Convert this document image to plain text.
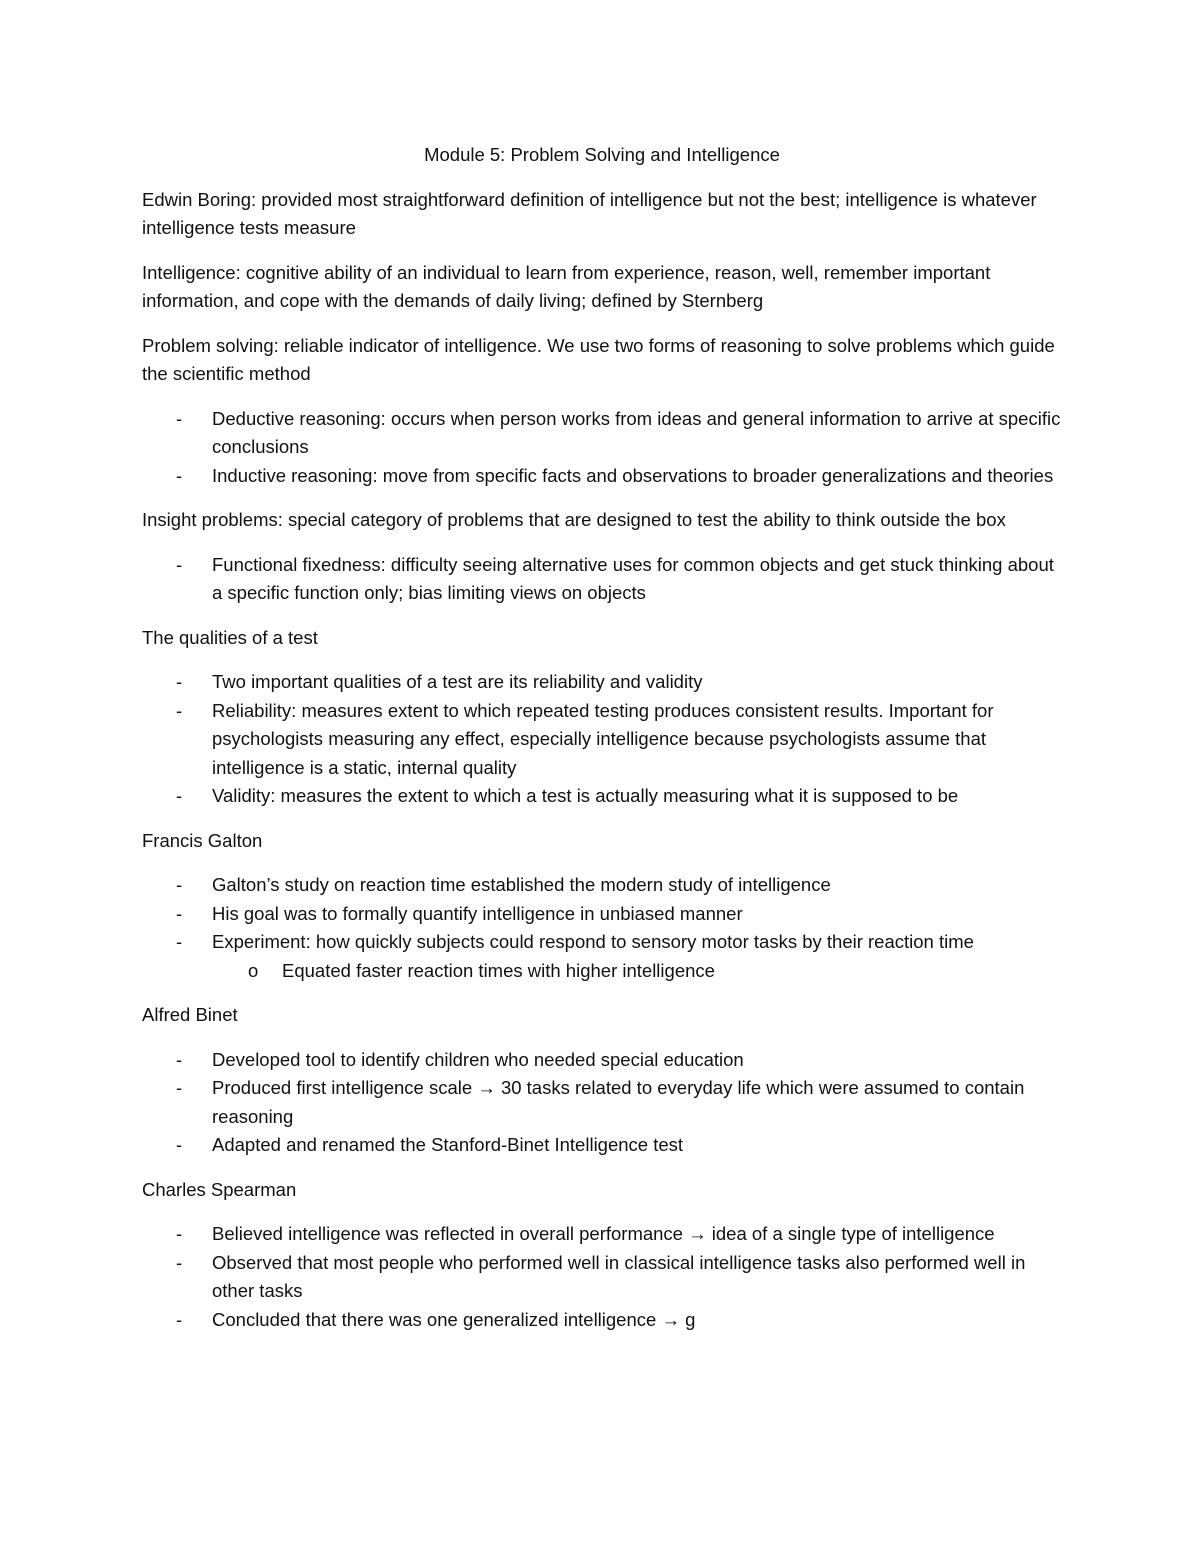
Module 5: Problem Solving and Intelligence

Edwin Boring: provided most straightforward definition of intelligence but not the best; intelligence is whatever intelligence tests measure

Intelligence: cognitive ability of an individual to learn from experience, reason, well, remember important information, and cope with the demands of daily living; defined by Sternberg

Problem solving: reliable indicator of intelligence. We use two forms of reasoning to solve problems which guide the scientific method

- Deductive reasoning: occurs when person works from ideas and general information to arrive at specific conclusions
- Inductive reasoning: move from specific facts and observations to broader generalizations and theories

Insight problems: special category of problems that are designed to test the ability to think outside the box

- Functional fixedness: difficulty seeing alternative uses for common objects and get stuck thinking about a specific function only; bias limiting views on objects

The qualities of a test

- Two important qualities of a test are its reliability and validity
- Reliability: measures extent to which repeated testing produces consistent results. Important for psychologists measuring any effect, especially intelligence because psychologists assume that intelligence is a static, internal quality
- Validity: measures the extent to which a test is actually measuring what it is supposed to be

Francis Galton

- Galton’s study on reaction time established the modern study of intelligence
- His goal was to formally quantify intelligence in unbiased manner
- Experiment: how quickly subjects could respond to sensory motor tasks by their reaction time
o Equated faster reaction times with higher intelligence

Alfred Binet

- Developed tool to identify children who needed special education
- Produced first intelligence scale → 30 tasks related to everyday life which were assumed to contain reasoning
- Adapted and renamed the Stanford-Binet Intelligence test

Charles Spearman

- Believed intelligence was reflected in overall performance → idea of a single type of intelligence
- Observed that most people who performed well in classical intelligence tasks also performed well in other tasks
- Concluded that there was one generalized intelligence → g
